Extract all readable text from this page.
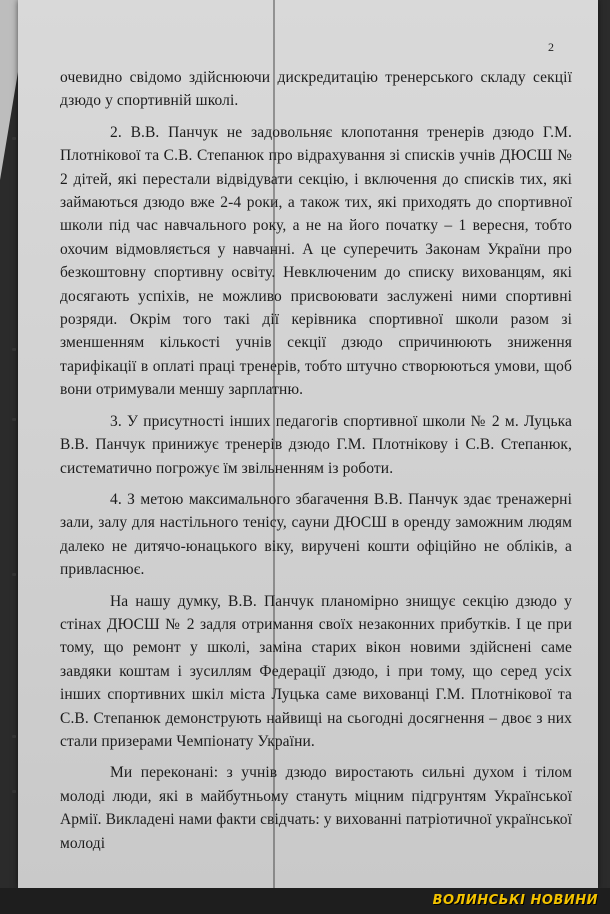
2

очевидно свідомо здійснюючи дискредитацію тренерського складу секції дзюдо у спортивній школі.

2. В.В. Панчук не задовольняє клопотання тренерів дзюдо Г.М. Плотнікової та С.В. Степанюк про відрахування зі списків учнів ДЮСШ № 2 дітей, які перестали відвідувати секцію, і включення до списків тих, які займаються дзюдо вже 2-4 роки, а також тих, які приходять до спортивної школи під час навчального року, а не на його початку – 1 вересня, тобто охочим відмовляється у навчанні. А це суперечить Законам України про безкоштовну спортивну освіту. Невключеним до списку вихованцям, які досягають успіхів, не можливо присвоювати заслужені ними спортивні розряди. Окрім того такі дії керівника спортивної школи разом зі зменшенням кількості учнів секції дзюдо спричинюють зниження тарифікації в оплаті праці тренерів, тобто штучно створюються умови, щоб вони отримували меншу зарплатню.

3. У присутності інших педагогів спортивної школи № 2 м. Луцька В.В. Панчук принижує тренерів дзюдо Г.М. Плотнікову і С.В. Степанюк, систематично погрожує їм звільненням із роботи.

4. З метою максимального збагачення В.В. Панчук здає тренажерні зали, залу для настільного тенісу, сауни ДЮСШ в оренду заможним людям далеко не дитячо-юнацького віку, виручені кошти офіційно не обліків, а привласнює.

На нашу думку, В.В. Панчук планомірно знищує секцію дзюдо у стінах ДЮСШ № 2 задля отримання своїх незаконних прибутків. І це при тому, що ремонт у школі, заміна старих вікон новими здійснені саме завдяки коштам і зусиллям Федерації дзюдо, і при тому, що серед усіх інших спортивних шкіл міста Луцька саме вихованці Г.М. Плотнікової та С.В. Степанюк демонструють найвищі на сьогодні досягнення – двоє з них стали призерами Чемпіонату України.

Ми переконані: з учнів дзюдо виростають сильні духом і тілом молоді люди, які в майбутньому стануть міцним підгрунтям Української Армії. Викладені нами факти свідчать: у вихованні патріотичної української молоді

ВОЛИНСЬКІ НОВИНИ
